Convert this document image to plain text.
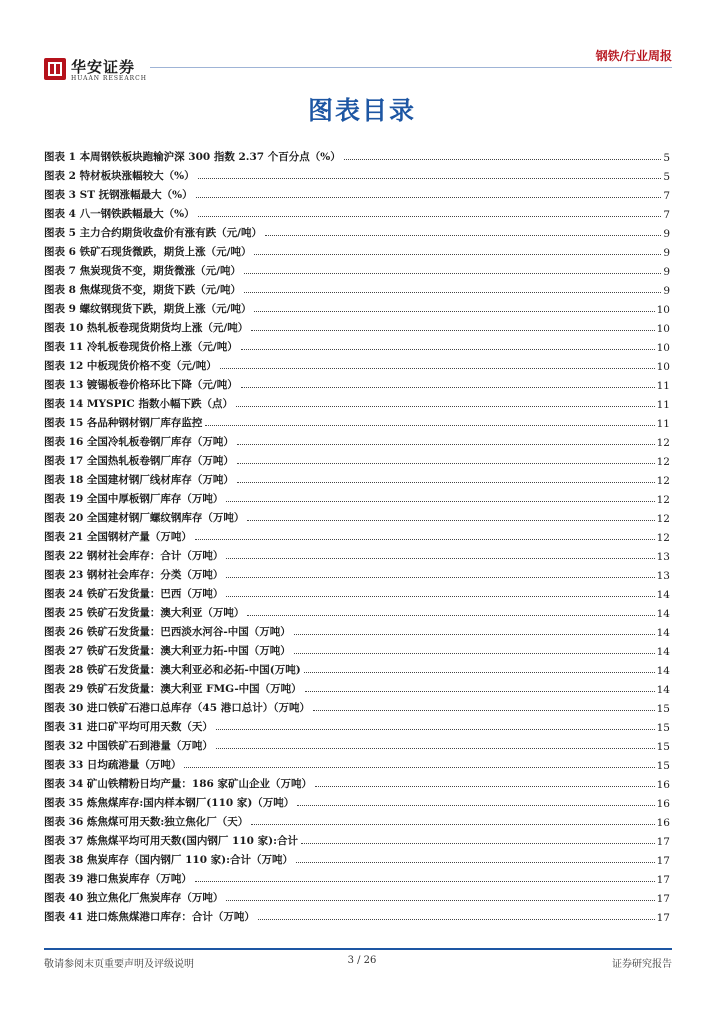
华安证券
HUAAN RESEARCH
钢铁/行业周报
图表目录
图表 1 本周钢铁板块跑输沪深 300 指数 2.37 个百分点（%）	5
图表 2 特材板块涨幅较大（%）	5
图表 3 ST 抚钢涨幅最大（%）	7
图表 4 八一钢铁跌幅最大（%）	7
图表 5 主力合约期货收盘价有涨有跌（元/吨）	9
图表 6 铁矿石现货微跌，期货上涨（元/吨）	9
图表 7 焦炭现货不变，期货微涨（元/吨）	9
图表 8 焦煤现货不变，期货下跌（元/吨）	9
图表 9 螺纹钢现货下跌，期货上涨（元/吨）	10
图表 10 热轧板卷现货期货均上涨（元/吨）	10
图表 11 冷轧板卷现货价格上涨（元/吨）	10
图表 12 中板现货价格不变（元/吨）	10
图表 13 镀锡板卷价格环比下降（元/吨）	11
图表 14 MYSPIC 指数小幅下跌（点）	11
图表 15 各品种钢材钢厂库存监控	11
图表 16 全国冷轧板卷钢厂库存（万吨）	12
图表 17 全国热轧板卷钢厂库存（万吨）	12
图表 18 全国建材钢厂线材库存（万吨）	12
图表 19 全国中厚板钢厂库存（万吨）	12
图表 20 全国建材钢厂螺纹钢库存（万吨）	12
图表 21 全国钢材产量（万吨）	12
图表 22 钢材社会库存：合计（万吨）	13
图表 23 钢材社会库存：分类（万吨）	13
图表 24 铁矿石发货量：巴西（万吨）	14
图表 25 铁矿石发货量：澳大利亚（万吨）	14
图表 26 铁矿石发货量：巴西淡水河谷-中国（万吨）	14
图表 27 铁矿石发货量：澳大利亚力拓-中国（万吨）	14
图表 28 铁矿石发货量：澳大利亚必和必拓-中国(万吨)	14
图表 29 铁矿石发货量：澳大利亚 FMG-中国（万吨）	14
图表 30 进口铁矿石港口总库存（45 港口总计）（万吨）	15
图表 31 进口矿平均可用天数（天）	15
图表 32 中国铁矿石到港量（万吨）	15
图表 33 日均疏港量（万吨）	15
图表 34 矿山铁精粉日均产量：186 家矿山企业（万吨）	16
图表 35 炼焦煤库存:国内样本钢厂(110 家)（万吨）	16
图表 36 炼焦煤可用天数:独立焦化厂（天）	16
图表 37 炼焦煤平均可用天数(国内钢厂 110 家):合计	17
图表 38 焦炭库存（国内钢厂 110 家):合计（万吨）	17
图表 39 港口焦炭库存（万吨）	17
图表 40 独立焦化厂焦炭库存（万吨）	17
图表 41 进口炼焦煤港口库存：合计（万吨）	17
敬请参阅末页重要声明及评级说明	3 / 26	证券研究报告
